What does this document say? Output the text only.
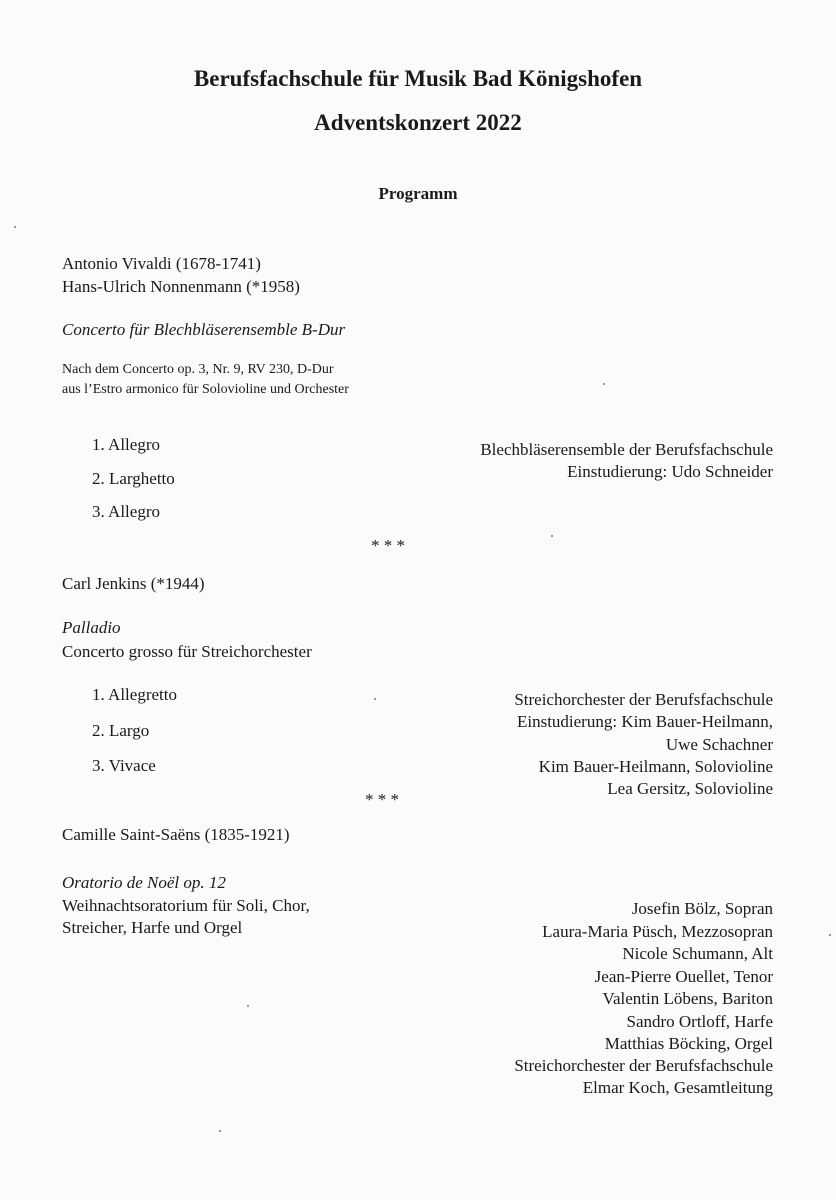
Berufsfachschule für Musik Bad Königshofen
Adventskonzert 2022
Programm
Antonio Vivaldi (1678-1741)
Hans-Ulrich Nonnenmann (*1958)
Concerto für Blechbläserensemble B-Dur
Nach dem Concerto op. 3, Nr. 9, RV 230, D-Dur
aus l’Estro armonico für Solovioline und Orchester
1. Allegro
2. Larghetto
3. Allegro
Blechbläserensemble der Berufsfachschule
Einstudierung: Udo Schneider
* * *
Carl Jenkins (*1944)
Palladio
Concerto grosso für Streichorchester
1. Allegretto
2. Largo
3. Vivace
Streichorchester der Berufsfachschule
Einstudierung: Kim Bauer-Heilmann,
Uwe Schachner
Kim Bauer-Heilmann, Solovioline
Lea Gersitz, Solovioline
* * *
Camille Saint-Saëns (1835-1921)
Oratorio de Noël op. 12
Weihnachtsoratorium für Soli, Chor,
Streicher, Harfe und Orgel
Josefin Bölz, Sopran
Laura-Maria Püsch, Mezzosopran
Nicole Schumann, Alt
Jean-Pierre Ouellet, Tenor
Valentin Löbens, Bariton
Sandro Ortloff, Harfe
Matthias Böcking, Orgel
Streichorchester der Berufsfachschule
Elmar Koch, Gesamtleitung
